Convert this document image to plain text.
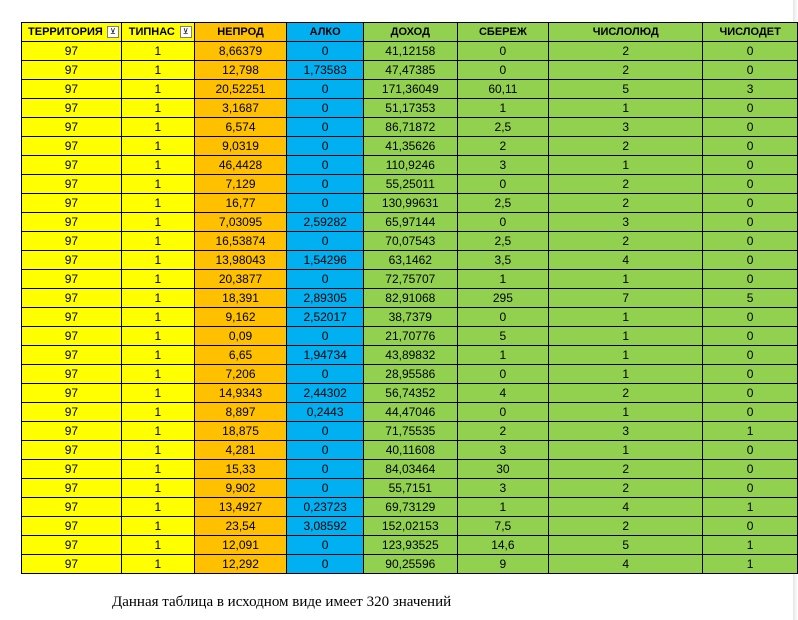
ТЕРРИТОРИЯ ⊻	ТИПНАС ⊻	НЕПРОД	АЛКО	ДОХОД	СБЕРЕЖ	ЧИСЛОЛЮД	ЧИСЛОДЕТ
97	1	8,66379	0	41,12158	0	2	0
97	1	12,798	1,73583	47,47385	0	2	0
97	1	20,52251	0	171,36049	60,11	5	3
97	1	3,1687	0	51,17353	1	1	0
97	1	6,574	0	86,71872	2,5	3	0
97	1	9,0319	0	41,35626	2	2	0
97	1	46,4428	0	110,9246	3	1	0
97	1	7,129	0	55,25011	0	2	0
97	1	16,77	0	130,99631	2,5	2	0
97	1	7,03095	2,59282	65,97144	0	3	0
97	1	16,53874	0	70,07543	2,5	2	0
97	1	13,98043	1,54296	63,1462	3,5	4	0
97	1	20,3877	0	72,75707	1	1	0
97	1	18,391	2,89305	82,91068	295	7	5
97	1	9,162	2,52017	38,7379	0	1	0
97	1	0,09	0	21,70776	5	1	0
97	1	6,65	1,94734	43,89832	1	1	0
97	1	7,206	0	28,95586	0	1	0
97	1	14,9343	2,44302	56,74352	4	2	0
97	1	8,897	0,2443	44,47046	0	1	0
97	1	18,875	0	71,75535	2	3	1
97	1	4,281	0	40,11608	3	1	0
97	1	15,33	0	84,03464	30	2	0
97	1	9,902	0	55,7151	3	2	0
97	1	13,4927	0,23723	69,73129	1	4	1
97	1	23,54	3,08592	152,02153	7,5	2	0
97	1	12,091	0	123,93525	14,6	5	1
97	1	12,292	0	90,25596	9	4	1
Данная таблица в исходном виде имеет 320 значений
